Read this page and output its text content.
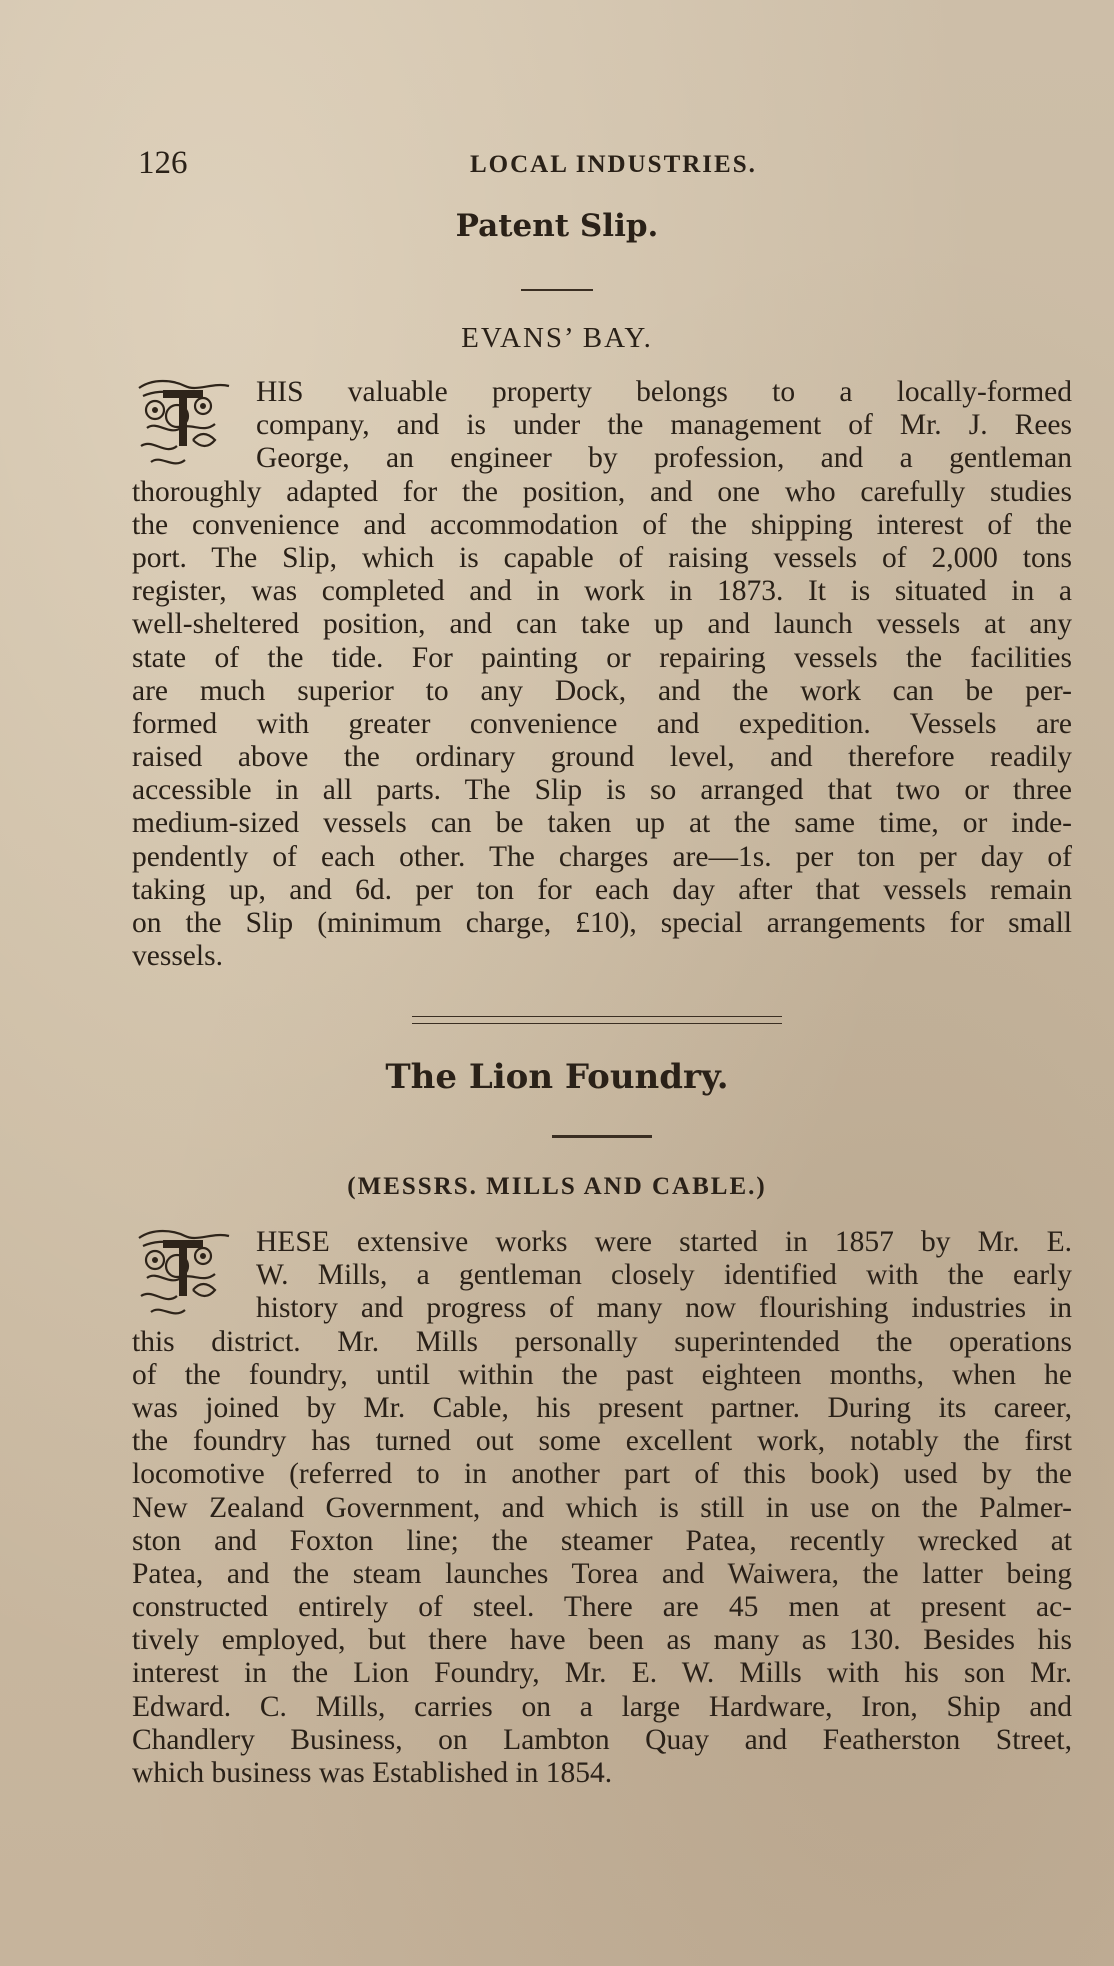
126	LOCAL INDUSTRIES.
Patent Slip.
EVANS’ BAY.
HIS valuable property belongs to a locally-formed
company, and is under the management of Mr. J. Rees
George, an engineer by profession, and a gentleman
thoroughly adapted for the position, and one who carefully studies
the convenience and accommodation of the shipping interest of the
port. The Slip, which is capable of raising vessels of 2,000 tons
register, was completed and in work in 1873. It is situated in a
well-sheltered position, and can take up and launch vessels at any
state of the tide. For painting or repairing vessels the facilities
are much superior to any Dock, and the work can be per-
formed with greater convenience and expedition. Vessels are
raised above the ordinary ground level, and therefore readily
accessible in all parts. The Slip is so arranged that two or three
medium-sized vessels can be taken up at the same time, or inde-
pendently of each other. The charges are—1s. per ton per day of
taking up, and 6d. per ton for each day after that vessels remain
on the Slip (minimum charge, £10), special arrangements for small
vessels.
The Lion Foundry.
(MESSRS. MILLS AND CABLE.)
HESE extensive works were started in 1857 by Mr. E.
W. Mills, a gentleman closely identified with the early
history and progress of many now flourishing industries in
this district. Mr. Mills personally superintended the operations
of the foundry, until within the past eighteen months, when he
was joined by Mr. Cable, his present partner. During its career,
the foundry has turned out some excellent work, notably the first
locomotive (referred to in another part of this book) used by the
New Zealand Government, and which is still in use on the Palmer-
ston and Foxton line; the steamer Patea, recently wrecked at
Patea, and the steam launches Torea and Waiwera, the latter being
constructed entirely of steel. There are 45 men at present ac-
tively employed, but there have been as many as 130. Besides his
interest in the Lion Foundry, Mr. E. W. Mills with his son Mr.
Edward. C. Mills, carries on a large Hardware, Iron, Ship and
Chandlery Business, on Lambton Quay and Featherston Street,
which business was Established in 1854.
